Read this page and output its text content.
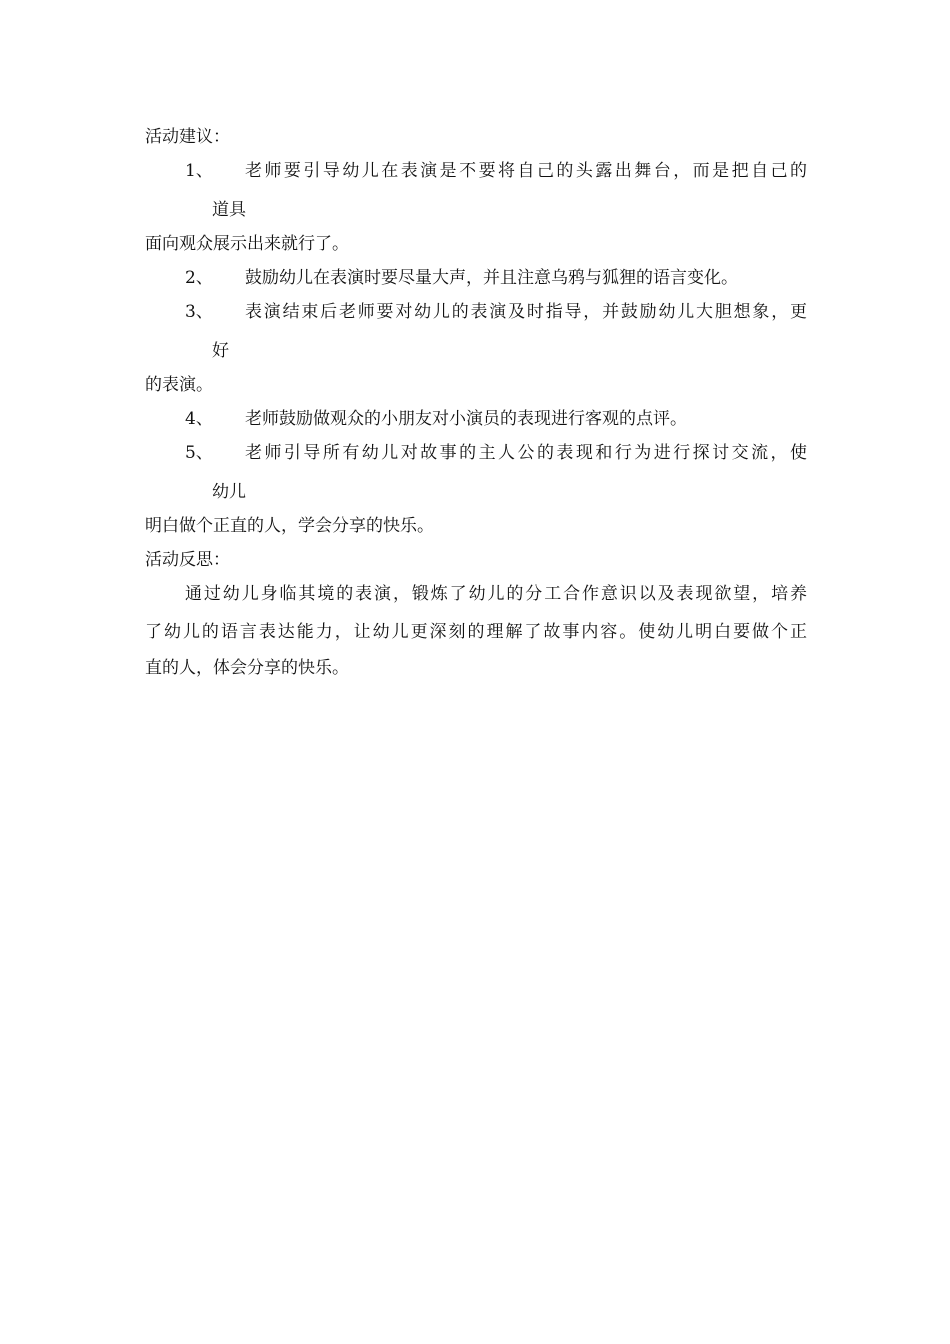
活动建议：
1、 老师要引导幼儿在表演是不要将自己的头露出舞台，而是把自己的
道具
面向观众展示出来就行了。
2、 鼓励幼儿在表演时要尽量大声，并且注意乌鸦与狐狸的语言变化。
3、 表演结束后老师要对幼儿的表演及时指导，并鼓励幼儿大胆想象，更
好
的表演。
4、 老师鼓励做观众的小朋友对小演员的表现进行客观的点评。
5、 老师引导所有幼儿对故事的主人公的表现和行为进行探讨交流，使
幼儿
明白做个正直的人，学会分享的快乐。
活动反思：
通过幼儿身临其境的表演，锻炼了幼儿的分工合作意识以及表现欲望，培养
了幼儿的语言表达能力，让幼儿更深刻的理解了故事内容。使幼儿明白要做个正
直的人，体会分享的快乐。
